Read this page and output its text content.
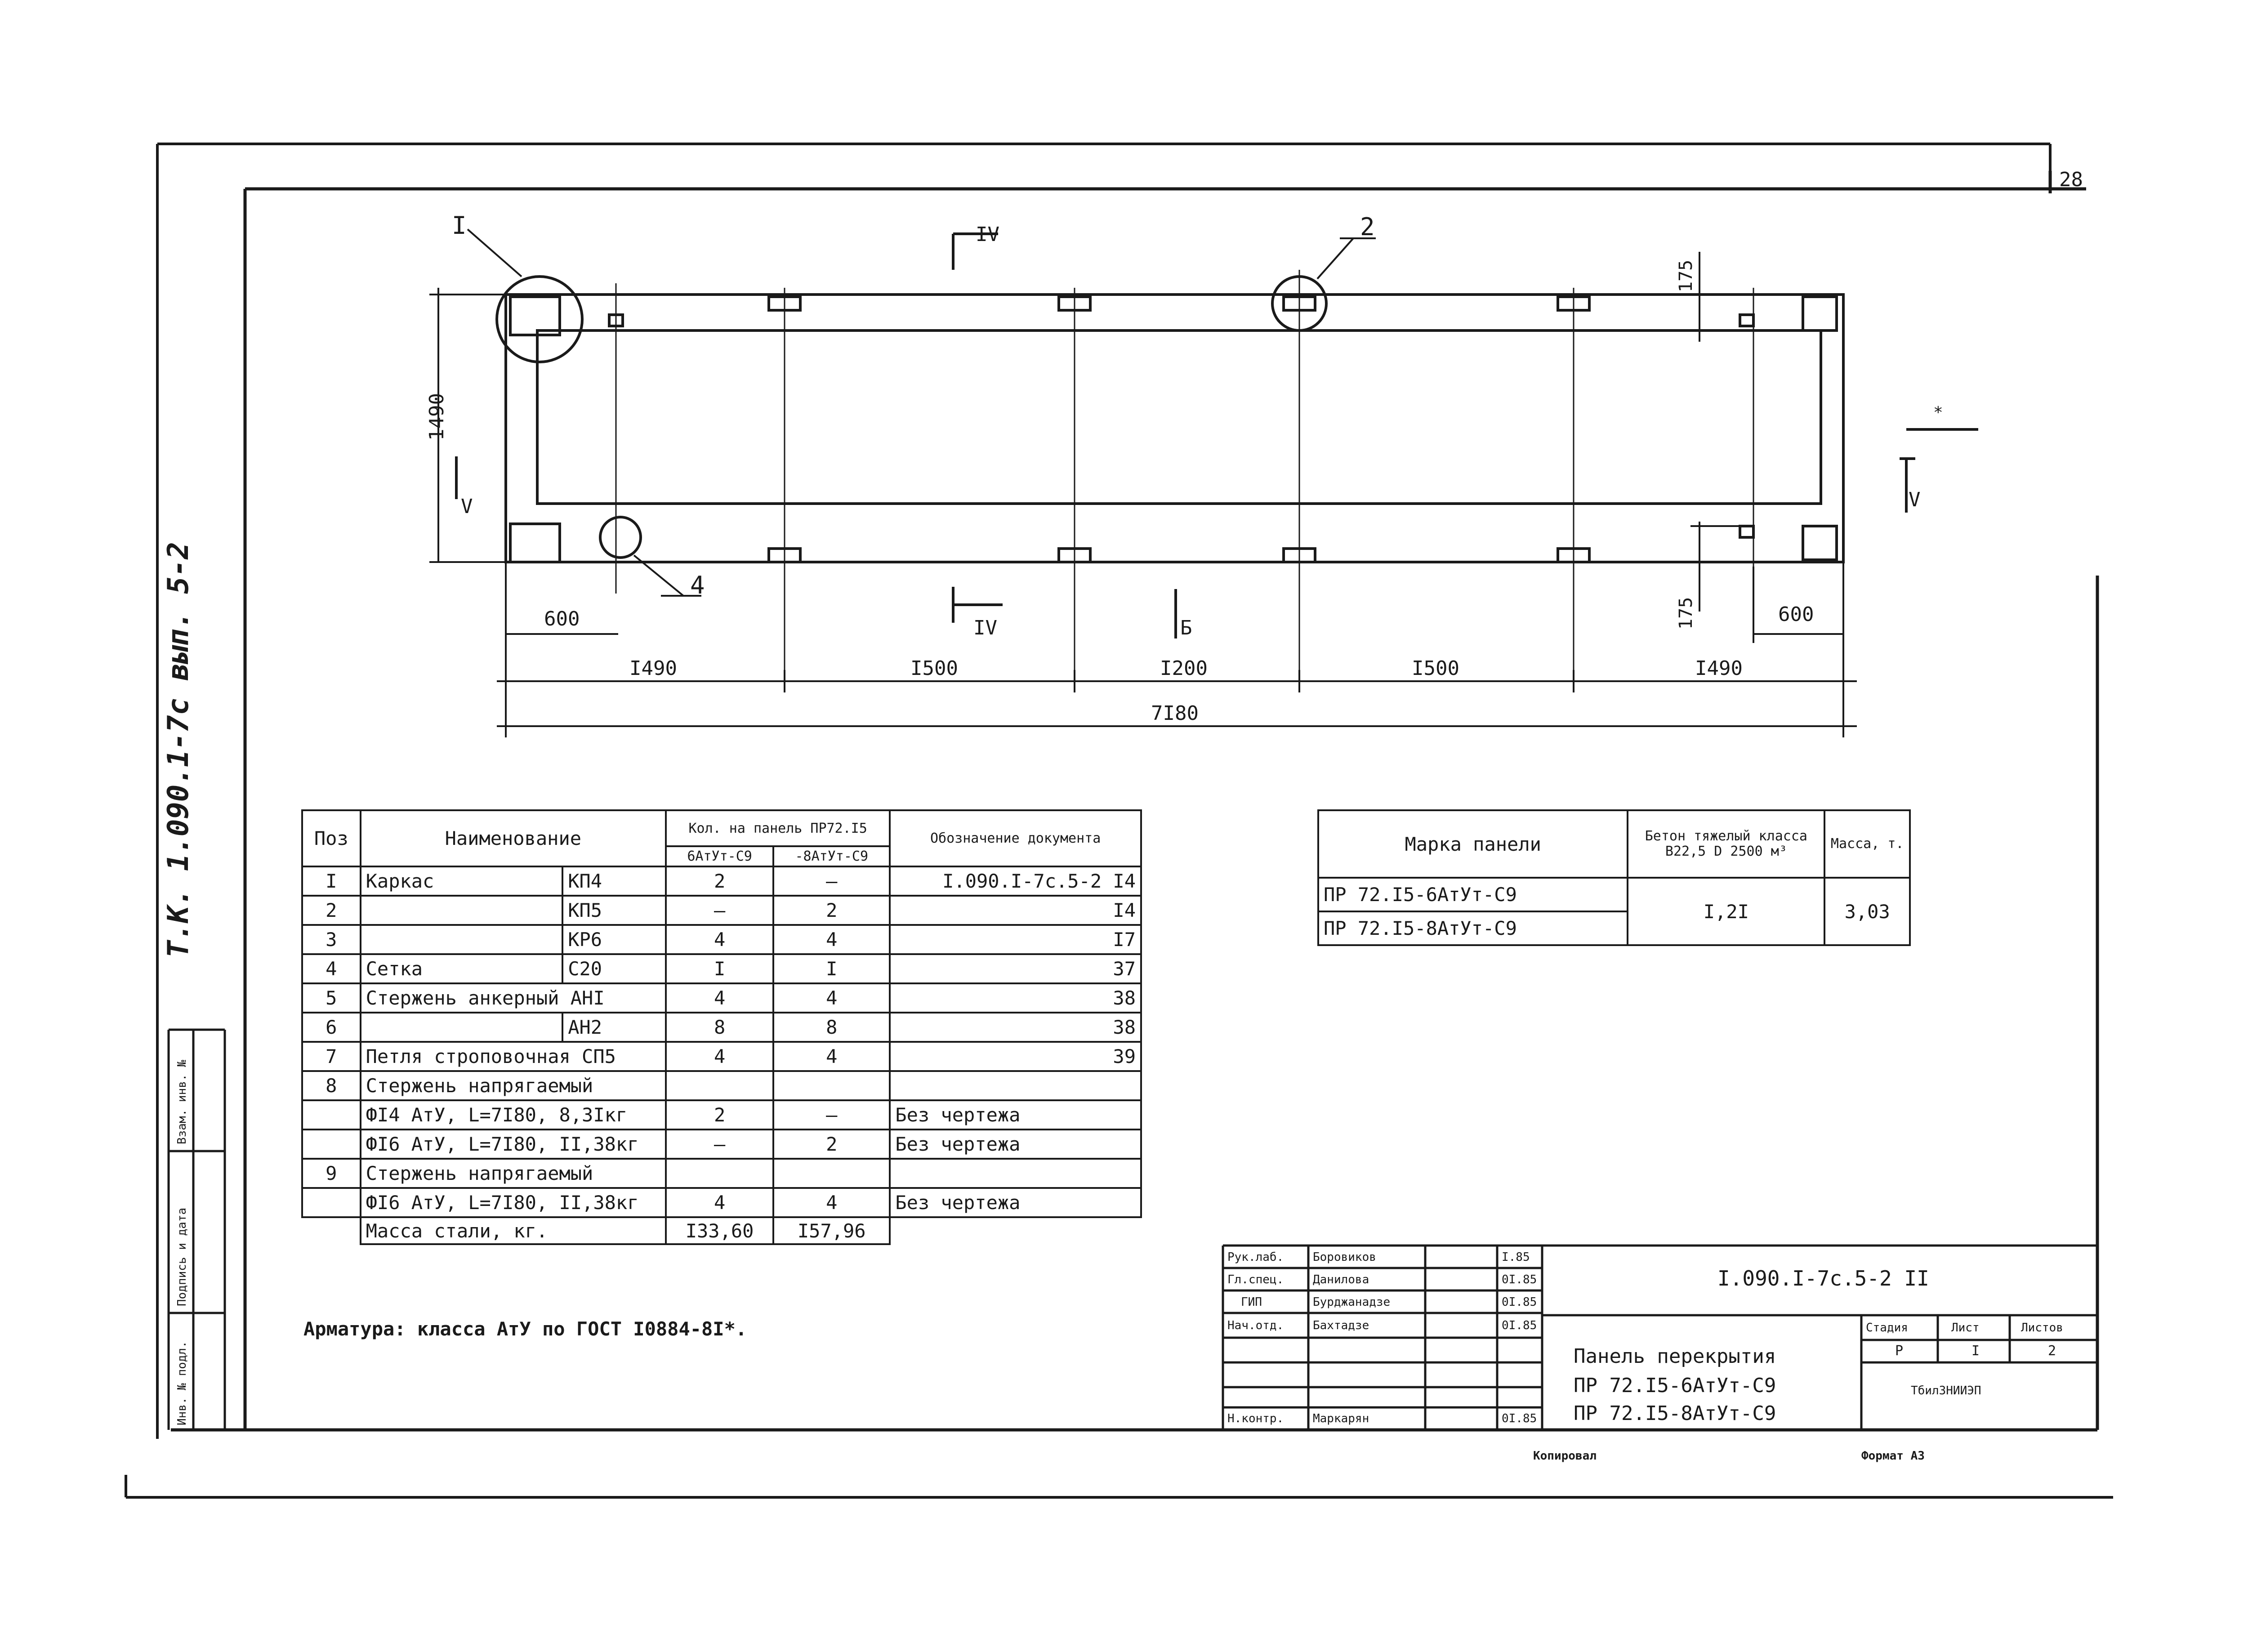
28
Т.К. 1.090.1-7с вып. 5-2
Инв. № подл.
Подпись и дата
Взам. инв. №
I	2
4
IV
IV
V	V
Б
*
1490
175
175
600	600
I490	I500	I200	I500	I490
7I80
Поз	Наименование		Кол. на панель ПР72.I5		Обозначение документа
			6АтУт-С9	-8АтУт-С9	
I	Каркас	КП4	2	–	I.090.I-7с.5-2 I4
2		КП5	–	2	I4
3		КР6	4	4	I7
4	Сетка	С20	I	I	37
5	Стержень анкерный АНI		4	4	38
6		АН2	8	8	38
7	Петля строповочная СП5		4	4	39
8	Стержень напрягаемый				
	ФI4 АтУ, L=7I80, 8,3Iкг		2	–	Без чертежа
	ФI6 АтУ, L=7I80, II,38кг		–	2	Без чертежа
9	Стержень напрягаемый				
	ФI6 АтУ, L=7I80, II,38кг		4	4	Без чертежа
	Масса стали, кг.		I33,60	I57,96	
Арматура: класса АтУ по ГОСТ I0884-8I*.
Марка панели	Бетон тяжелый класса В22,5 D 2500 м³	Масса, т.
ПР 72.I5-6АтУт-С9	I,2I	3,03
ПР 72.I5-8АтУт-С9		
Рук.лаб. Боровиков	I.85
Гл.спец. Данилова	0I.85
ГИП	Бурджанадзе	0I.85
Нач.отд. Бахтадзе	0I.85
Н.контр. Маркарян	0I.85
I.090.I-7с.5-2 II
Панель перекрытия
ПР 72.I5-6АтУт-С9
ПР 72.I5-8АтУт-С9
Стадия	Лист	Листов
Р	I	2
ТбилЗНИИЭП
Копировал	Формат А3
